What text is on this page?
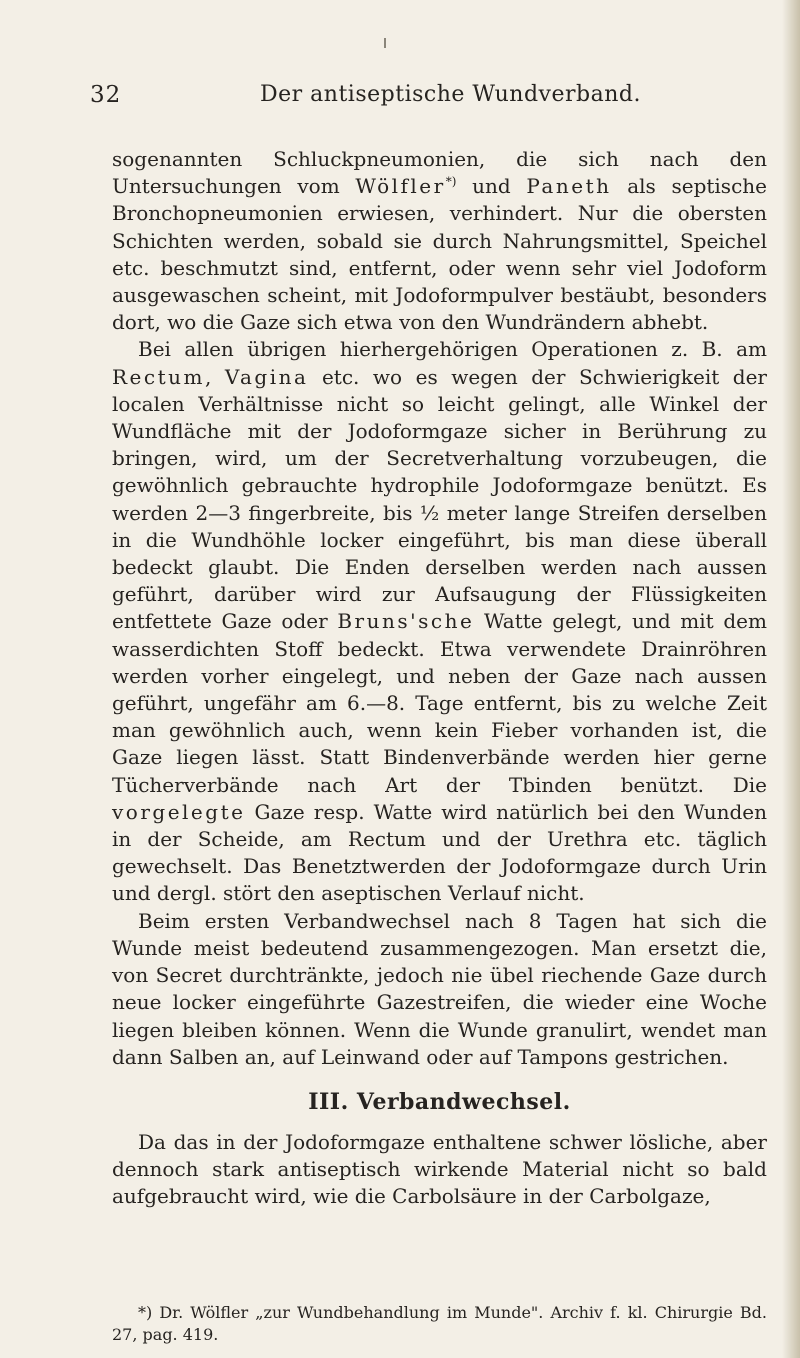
32	Der antiseptische Wundverband.

sogenannten Schluckpneumonien, die sich nach den Untersuchungen vom Wölfler*) und Paneth als septische Bronchopneumonien erwiesen, verhindert. Nur die obersten Schichten werden, sobald sie durch Nahrungsmittel, Speichel etc. beschmutzt sind, entfernt, oder wenn sehr viel Jodoform ausgewaschen scheint, mit Jodoformpulver bestäubt, besonders dort, wo die Gaze sich etwa von den Wundrändern abhebt.

Bei allen übrigen hierhergehörigen Operationen z. B. am Rectum, Vagina etc. wo es wegen der Schwierigkeit der localen Verhältnisse nicht so leicht gelingt, alle Winkel der Wundfläche mit der Jodoformgaze sicher in Berührung zu bringen, wird, um der Secretverhaltung vorzubeugen, die gewöhnlich gebrauchte hydrophile Jodoformgaze benützt. Es werden 2—3 fingerbreite, bis ½ meter lange Streifen derselben in die Wundhöhle locker eingeführt, bis man diese überall bedeckt glaubt. Die Enden derselben werden nach aussen geführt, darüber wird zur Aufsaugung der Flüssigkeiten entfettete Gaze oder Bruns'sche Watte gelegt, und mit dem wasserdichten Stoff bedeckt. Etwa verwendete Drainröhren werden vorher eingelegt, und neben der Gaze nach aussen geführt, ungefähr am 6.—8. Tage entfernt, bis zu welche Zeit man gewöhnlich auch, wenn kein Fieber vorhanden ist, die Gaze liegen lässt. Statt Bindenverbände werden hier gerne Tücherverbände nach Art der Tbinden benützt. Die vorgelegte Gaze resp. Watte wird natürlich bei den Wunden in der Scheide, am Rectum und der Urethra etc. täglich gewechselt. Das Benetztwerden der Jodoformgaze durch Urin und dergl. stört den aseptischen Verlauf nicht.

Beim ersten Verbandwechsel nach 8 Tagen hat sich die Wunde meist bedeutend zusammengezogen. Man ersetzt die, von Secret durchtränkte, jedoch nie übel riechende Gaze durch neue locker eingeführte Gazestreifen, die wieder eine Woche liegen bleiben können. Wenn die Wunde granulirt, wendet man dann Salben an, auf Leinwand oder auf Tampons gestrichen.

III. Verbandwechsel.

Da das in der Jodoformgaze enthaltene schwer lösliche, aber dennoch stark antiseptisch wirkende Material nicht so bald aufgebraucht wird, wie die Carbolsäure in der Carbolgaze,

*) Dr. Wölfler „zur Wundbehandlung im Munde". Archiv f. kl. Chirurgie Bd. 27, pag. 419.
